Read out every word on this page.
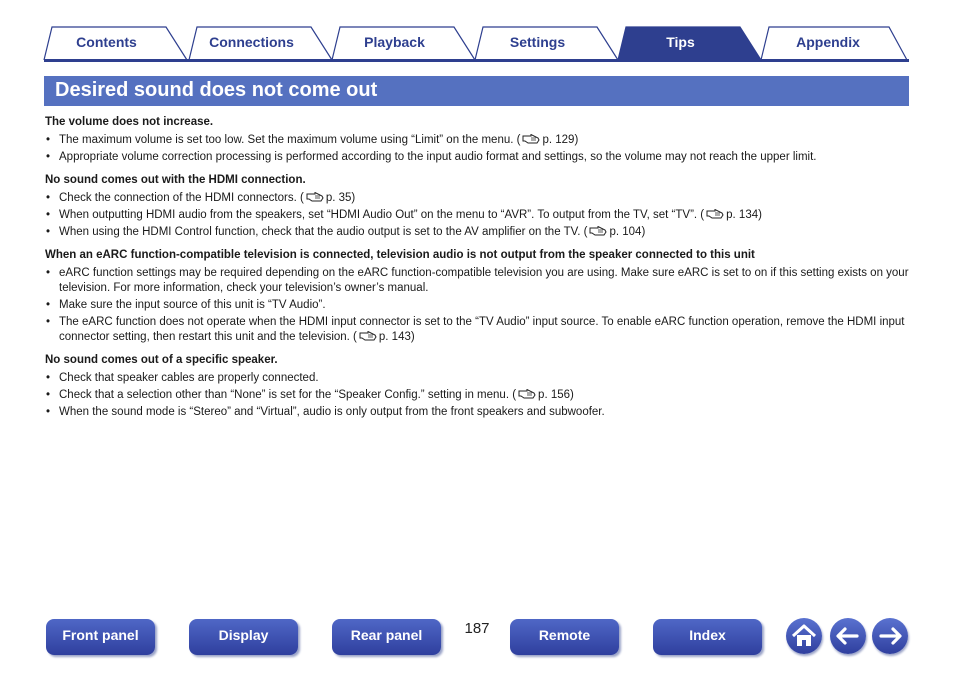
Contents	Connections	Playback	Settings	Tips	Appendix
Desired sound does not come out
The volume does not increase.
• The maximum volume is set too low. Set the maximum volume using “Limit” on the menu. ( p. 129)
• Appropriate volume correction processing is performed according to the input audio format and settings, so the volume may not reach the upper limit.
No sound comes out with the HDMI connection.
• Check the connection of the HDMI connectors. ( p. 35)
• When outputting HDMI audio from the speakers, set “HDMI Audio Out” on the menu to “AVR”. To output from the TV, set “TV”. ( p. 134)
• When using the HDMI Control function, check that the audio output is set to the AV amplifier on the TV. ( p. 104)
When an eARC function-compatible television is connected, television audio is not output from the speaker connected to this unit
• eARC function settings may be required depending on the eARC function-compatible television you are using. Make sure eARC is set to on if this setting exists on your television. For more information, check your television’s owner’s manual.
• Make sure the input source of this unit is “TV Audio”.
• The eARC function does not operate when the HDMI input connector is set to the “TV Audio” input source. To enable eARC function operation, remove the HDMI input connector setting, then restart this unit and the television. ( p. 143)
No sound comes out of a specific speaker.
• Check that speaker cables are properly connected.
• Check that a selection other than “None” is set for the “Speaker Config.” setting in menu. ( p. 156)
• When the sound mode is “Stereo” and “Virtual”, audio is only output from the front speakers and subwoofer.
Front panel	Display	Rear panel	187	Remote	Index
